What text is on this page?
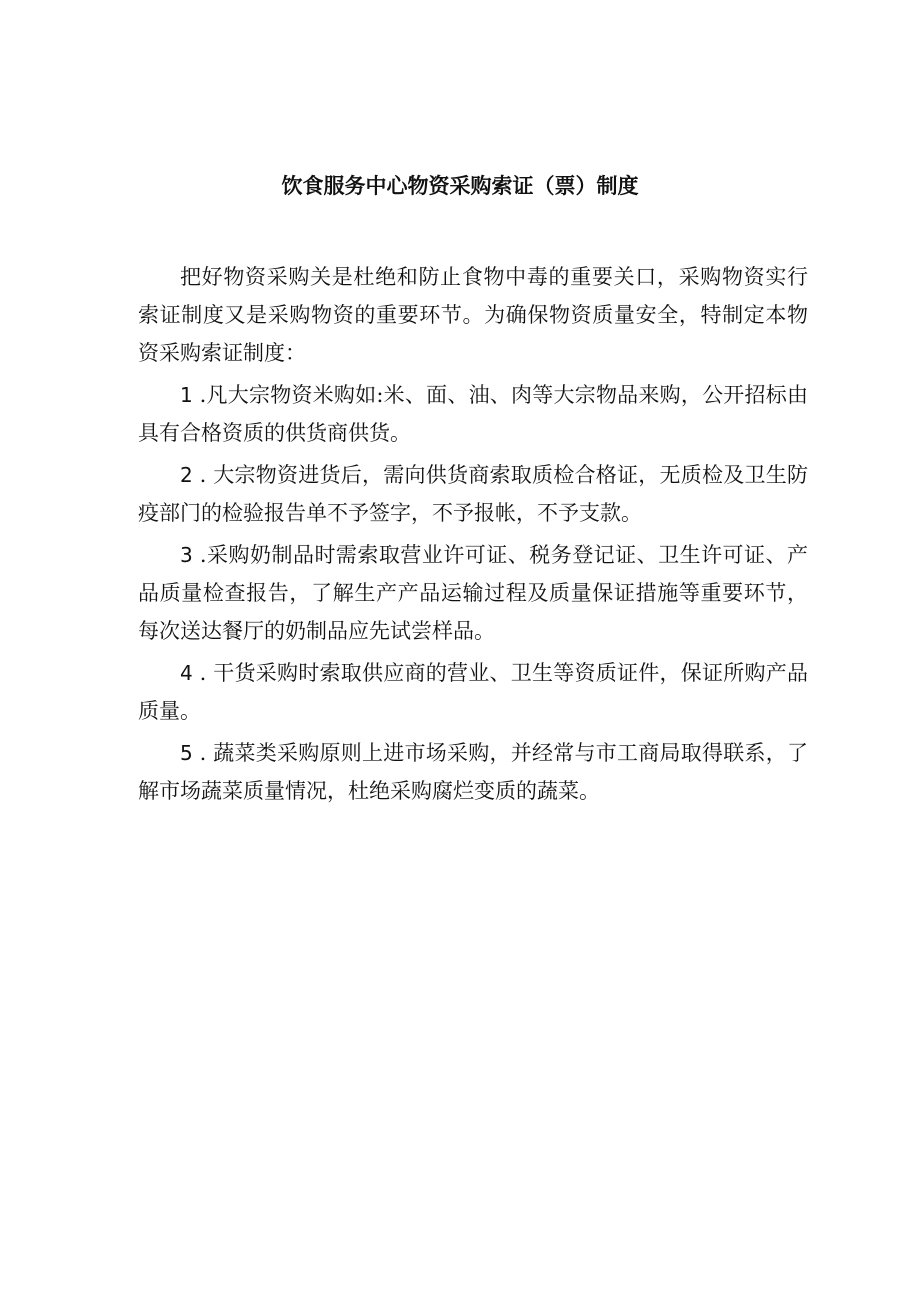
饮食服务中心物资采购索证（票）制度

把好物资采购关是杜绝和防止食物中毒的重要关口，采购物资实行索证制度又是采购物资的重要环节。为确保物资质量安全，特制定本物资采购索证制度：

1 .凡大宗物资米购如:米、面、油、肉等大宗物品来购，公开招标由具有合格资质的供货商供货。

2 . 大宗物资进货后，需向供货商索取质检合格证，无质检及卫生防疫部门的检验报告单不予签字，不予报帐，不予支款。

3 .采购奶制品时需索取营业许可证、税务登记证、卫生许可证、产品质量检查报告，了解生产产品运输过程及质量保证措施等重要环节，每次送达餐厅的奶制品应先试尝样品。

4 . 干货采购时索取供应商的营业、卫生等资质证件，保证所购产品质量。

5 . 蔬菜类采购原则上进市场采购，并经常与市工商局取得联系，了解市场蔬菜质量情况，杜绝采购腐烂变质的蔬菜。
